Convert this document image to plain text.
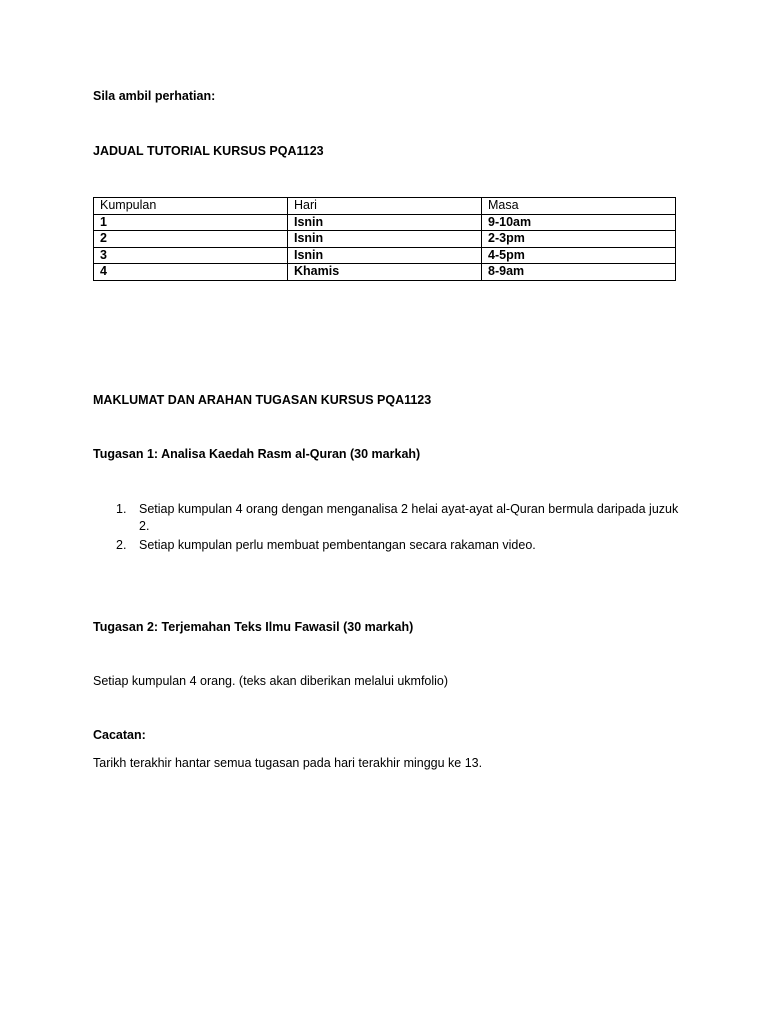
Sila ambil perhatian:

JADUAL TUTORIAL KURSUS PQA1123

Kumpulan	Hari	Masa
1	Isnin	9-10am
2	Isnin	2-3pm
3	Isnin	4-5pm
4	Khamis	8-9am

MAKLUMAT DAN ARAHAN TUGASAN KURSUS PQA1123

Tugasan 1: Analisa Kaedah Rasm al-Quran (30 markah)

1. Setiap kumpulan 4 orang dengan menganalisa 2 helai ayat-ayat al-Quran bermula daripada juzuk 2.
2. Setiap kumpulan perlu membuat pembentangan secara rakaman video.

Tugasan 2: Terjemahan Teks Ilmu Fawasil (30 markah)

Setiap kumpulan 4 orang. (teks akan diberikan melalui ukmfolio)

Cacatan:

Tarikh terakhir hantar semua tugasan pada hari terakhir minggu ke 13.
